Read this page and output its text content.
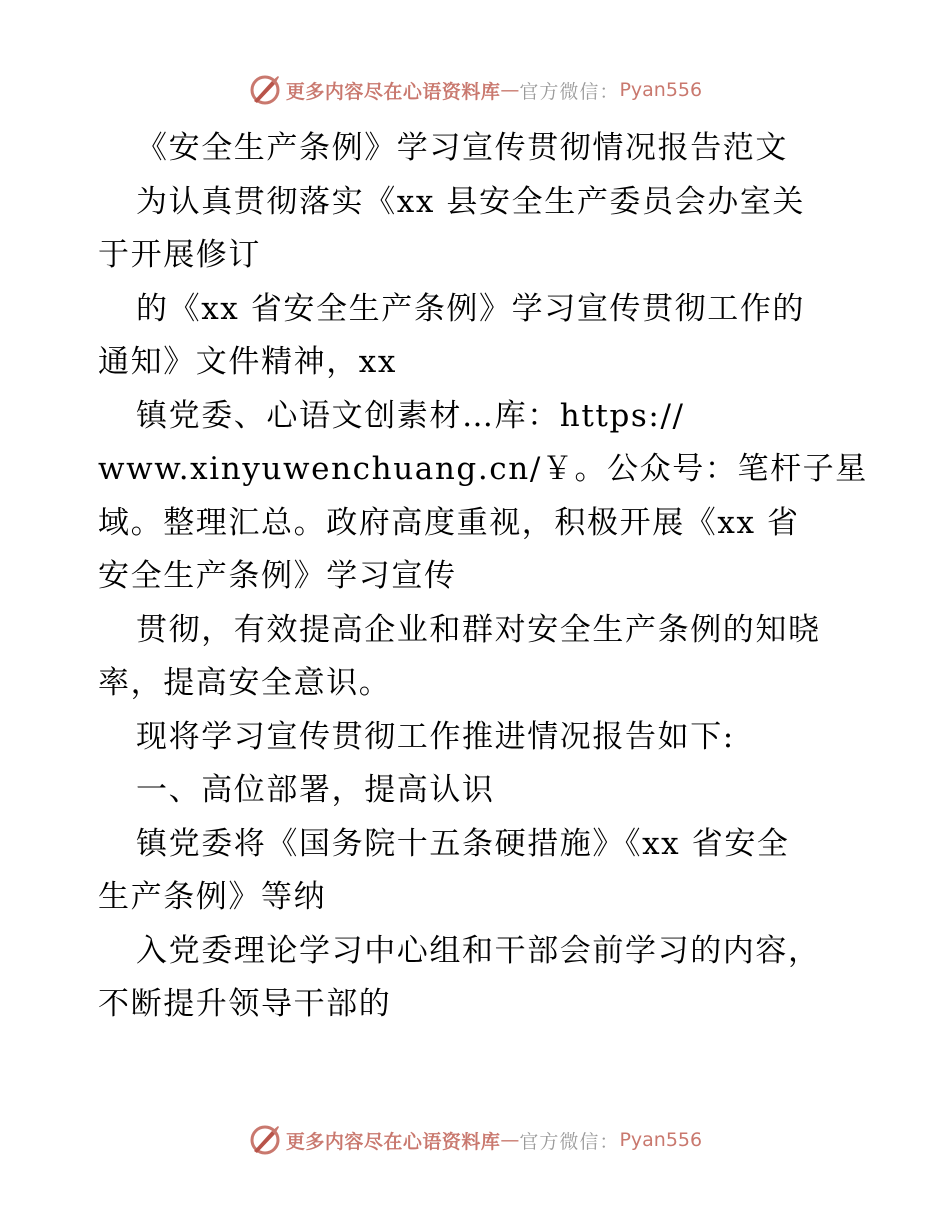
更多内容尽在心语资料库 — 官方微信： Pyan556
《安全生产条例》学习宣传贯彻情况报告范文
为认真贯彻落实《xx 县安全生产委员会办室关
于开展修订
的《xx 省安全生产条例》学习宣传贯彻工作的
通知》文件精神，xx
镇党委、心语文创素材…库：https://
www.xinyuwenchuang.cn/￥。公众号：笔杆子星
域。整理汇总。政府高度重视，积极开展《xx 省
安全生产条例》学习宣传
贯彻，有效提高企业和群对安全生产条例的知晓
率，提高安全意识。
现将学习宣传贯彻工作推进情况报告如下:
一、高位部署，提高认识
镇党委将《国务院十五条硬措施》《xx 省安全
生产条例》等纳
入党委理论学习中心组和干部会前学习的内容，
不断提升领导干部的
更多内容尽在心语资料库 — 官方微信： Pyan556
